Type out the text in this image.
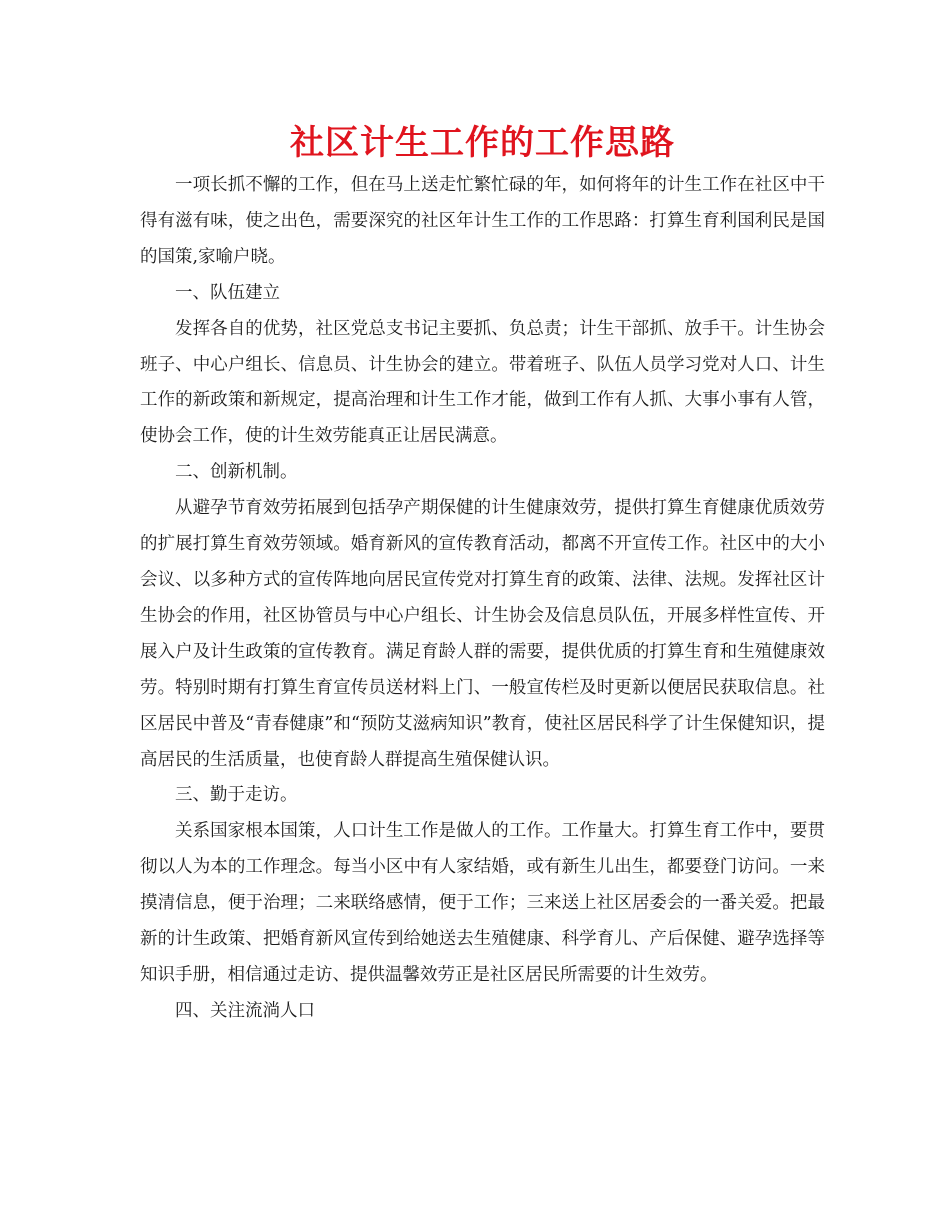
社区计生工作的工作思路

一项长抓不懈的工作，但在马上送走忙繁忙碌的年，如何将年的计生工作在社区中干得有滋有味，使之出色，需要深究的社区年计生工作的工作思路：打算生育利国利民是国的国策,家喻户晓。

一、队伍建立

发挥各自的优势，社区党总支书记主要抓、负总责；计生干部抓、放手干。计生协会班子、中心户组长、信息员、计生协会的建立。带着班子、队伍人员学习党对人口、计生工作的新政策和新规定，提高治理和计生工作才能，做到工作有人抓、大事小事有人管，使协会工作，使的计生效劳能真正让居民满意。

二、创新机制。

从避孕节育效劳拓展到包括孕产期保健的计生健康效劳，提供打算生育健康优质效劳的扩展打算生育效劳领域。婚育新风的宣传教育活动，都离不开宣传工作。社区中的大小会议、以多种方式的宣传阵地向居民宣传党对打算生育的政策、法律、法规。发挥社区计生协会的作用，社区协管员与中心户组长、计生协会及信息员队伍，开展多样性宣传、开展入户及计生政策的宣传教育。满足育龄人群的需要，提供优质的打算生育和生殖健康效劳。特别时期有打算生育宣传员送材料上门、一般宣传栏及时更新以便居民获取信息。社区居民中普及“青春健康”和“预防艾滋病知识”教育，使社区居民科学了计生保健知识，提高居民的生活质量，也使育龄人群提高生殖保健认识。

三、勤于走访。

关系国家根本国策，人口计生工作是做人的工作。工作量大。打算生育工作中，要贯彻以人为本的工作理念。每当小区中有人家结婚，或有新生儿出生，都要登门访问。一来摸清信息，便于治理；二来联络感情，便于工作；三来送上社区居委会的一番关爱。把最新的计生政策、把婚育新风宣传到给她送去生殖健康、科学育儿、产后保健、避孕选择等知识手册，相信通过走访、提供温馨效劳正是社区居民所需要的计生效劳。

四、关注流淌人口
